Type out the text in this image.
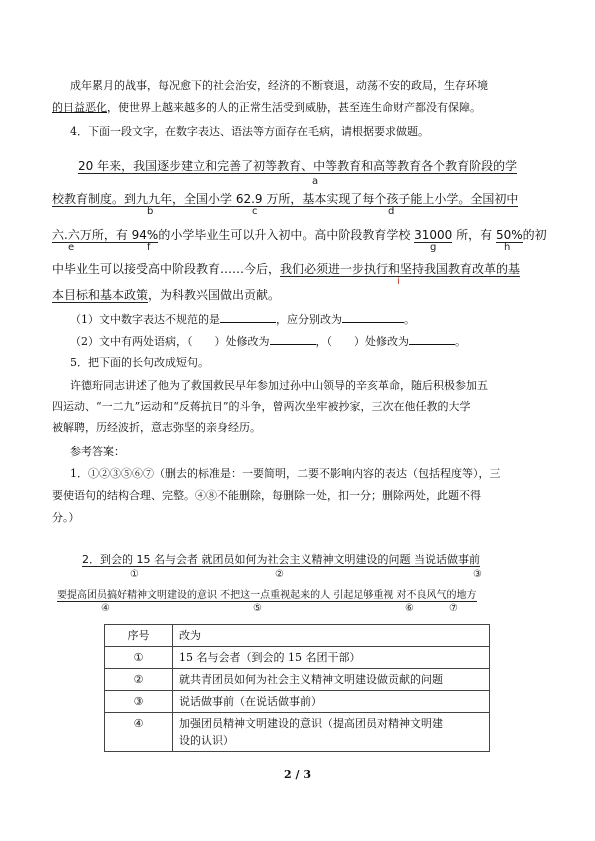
成年累月的战事，每况愈下的社会治安，经济的不断衰退，动荡不安的政局，生存环境
的日益恶化，使世界上越来越多的人的正常生活受到威胁，甚至连生命财产都没有保障。
4．下面一段文字，在数字表达、语法等方面存在毛病，请根据要求做题。
20 年来，我国逐步建立和完善了初等教育、中等教育和高等教育各个教育阶段的学
a
校教育制度。到九九年，全国小学 62.9 万所，基本实现了每个孩子能上小学。全国初中
b	c	d
六.六万所，有 94%的小学毕业生可以升入初中。高中阶段教育学校 31000 所，有 50%的初
e	f	g	h
中毕业生可以接受高中阶段教育……今后，我们必须进一步执行和坚持我国教育改革的基
i
本目标和基本政策，为科教兴国做出贡献。
（1）文中数字表达不规范的是	，应分别改为	。
（2）文中有两处语病，（　　）处修改为	，（　　）处修改为	。
5．把下面的长句改成短句。
许德珩同志讲述了他为了救国救民早年参加过孙中山领导的辛亥革命，随后积极参加五
四运动、“一二九”运动和“反蒋抗日”的斗争，曾两次坐牢被抄家，三次在他任教的大学
被解聘，历经波折，意志弥坚的亲身经历。
参考答案：
1．①②③⑤⑥⑦（删去的标准是：一要简明，二要不影响内容的表达（包括程度等），三
要使语句的结构合理、完整。④⑧不能删除，每删除一处，扣一分；删除两处，此题不得
分。）
2．到会的 15 名与会者 就团员如何为社会主义精神文明建设的问题 当说话做事前
①	②	③
要提高团员搞好精神文明建设的意识 不把这一点重视起来的人 引起足够重视 对不良风气的地方
④	⑤	⑥	⑦
序号	改为
①	15 名与会者（到会的 15 名团干部）
②	就共青团员如何为社会主义精神文明建设做贡献的问题
③	说话做事前（在说话做事前）
④	加强团员精神文明建设的意识（提高团员对精神文明建
设的认识）
2 / 3
